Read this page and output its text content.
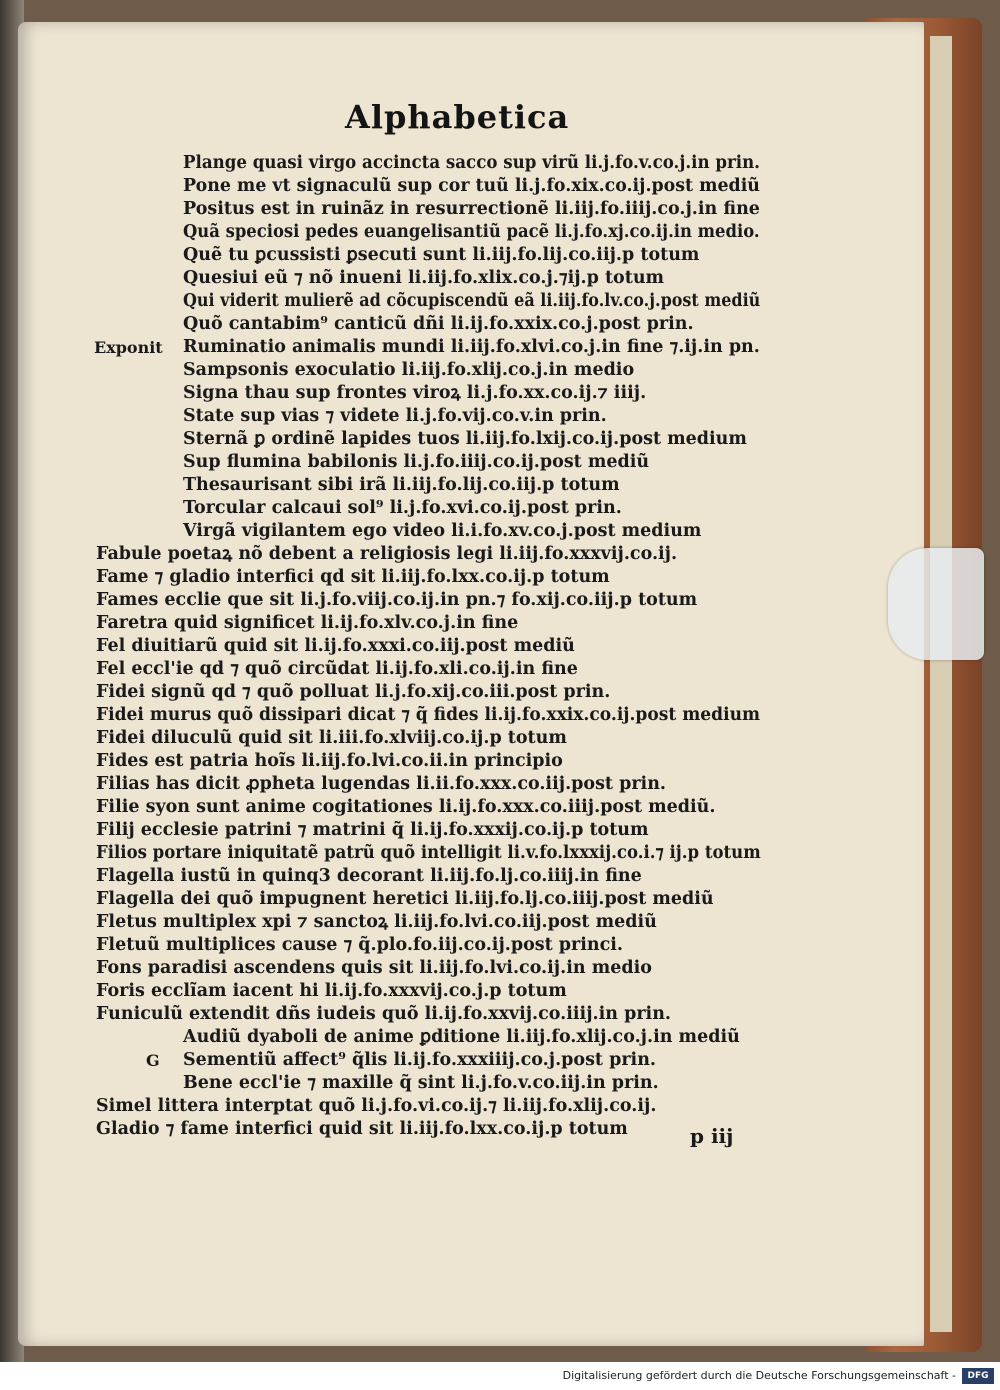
Alphabetica
Plange quasi virgo accincta sacco sup virũ li.j.fo.v.co.j.in prin.
Pone me vt signaculũ sup cor tuũ li.j.fo.xix.co.ij.post mediũ
Positus est in ruinãz in resurrectionẽ li.iij.fo.iiij.co.j.in fine
Quã speciosi pedes euangelisantiũ pacẽ li.j.fo.xj.co.ij.in medio.
Quẽ tu ꝑcussisti ꝑsecuti sunt li.iij.fo.lij.co.iij.p totum
Quesiui eũ ⁊ nõ inueni li.iij.fo.xlix.co.j.⁊ij.p totum
Qui viderit mulierẽ ad cõcupiscendũ eã li.iij.fo.lv.co.j.post mediũ
Quõ cantabim⁹ canticũ dñi li.ij.fo.xxix.co.j.post prin.
Exponit Ruminatio animalis mundi li.iij.fo.xlvi.co.j.in fine ⁊.ij.in pn.
Sampsonis exoculatio li.iij.fo.xlij.co.j.in medio
Signa thau sup frontes viroꝝ li.j.fo.xx.co.ij.⁊ iiij.
State sup vias ⁊ videte li.j.fo.vij.co.v.in prin.
Sternã ꝑ ordinẽ lapides tuos li.iij.fo.lxij.co.ij.post medium
Sup flumina babilonis li.j.fo.iiij.co.ij.post mediũ
Thesaurisant sibi irã li.iij.fo.lij.co.iij.p totum
Torcular calcaui sol⁹ li.j.fo.xvi.co.ij.post prin.
Virgã vigilantem ego video li.i.fo.xv.co.j.post medium
Fabule poetaꝝ nõ debent a religiosis legi li.iij.fo.xxxvij.co.ij.
Fame ⁊ gladio interfici qd sit li.iij.fo.lxx.co.ij.p totum
Fames ecclie que sit li.j.fo.viij.co.ij.in pn.⁊ fo.xij.co.iij.p totum
Faretra quid significet li.ij.fo.xlv.co.j.in fine
Fel diuitiarũ quid sit li.ij.fo.xxxi.co.iij.post mediũ
Fel eccl'ie qd ⁊ quõ circũdat li.ij.fo.xli.co.ij.in fine
Fidei signũ qd ⁊ quõ polluat li.j.fo.xij.co.iii.post prin.
Fidei murus quõ dissipari dicat ⁊ q̃ fides li.ij.fo.xxix.co.ij.post medium
Fidei diluculũ quid sit li.iii.fo.xlviij.co.ij.p totum
Fides est patria hoĩs li.iij.fo.lvi.co.ii.in principio
Filias has dicit ꝓpheta lugendas li.ii.fo.xxx.co.iij.post prin.
Filie syon sunt anime cogitationes li.ij.fo.xxx.co.iiij.post mediũ.
Filij ecclesie patrini ⁊ matrini q̃ li.ij.fo.xxxij.co.ij.p totum
Filios portare iniquitatẽ patrũ quõ intelligit li.v.fo.lxxxij.co.i.⁊ ij.p totum
Flagella iustũ in quinq3 decorant li.iij.fo.lj.co.iiij.in fine
Flagella dei quõ impugnent heretici li.iij.fo.lj.co.iiij.post mediũ
Fletus multiplex xpi ⁊ sanctoꝝ li.iij.fo.lvi.co.iij.post mediũ
Fletuũ multiplices cause ⁊ q̃.plo.fo.iij.co.ij.post princi.
Fons paradisi ascendens quis sit li.iij.fo.lvi.co.ij.in medio
Foris ecclĩam iacent hi li.ij.fo.xxxvij.co.j.p totum
Funiculũ extendit dñs iudeis quõ li.ij.fo.xxvij.co.iiij.in prin.
Audiũ dyaboli de anime ꝑditione li.iij.fo.xlij.co.j.in mediũ
G Sementiũ affect⁹ q̃lis li.ij.fo.xxxiiij.co.j.post prin.
Bene eccl'ie ⁊ maxille q̃ sint li.j.fo.v.co.iij.in prin.
Simel littera interptat quõ li.j.fo.vi.co.ij.⁊ li.iij.fo.xlij.co.ij.
Gladio ⁊ fame interfici quid sit li.iij.fo.lxx.co.ij.p totum	p iij
Digitalisierung gefördert durch die Deutsche Forschungsgemeinschaft -	DFG
